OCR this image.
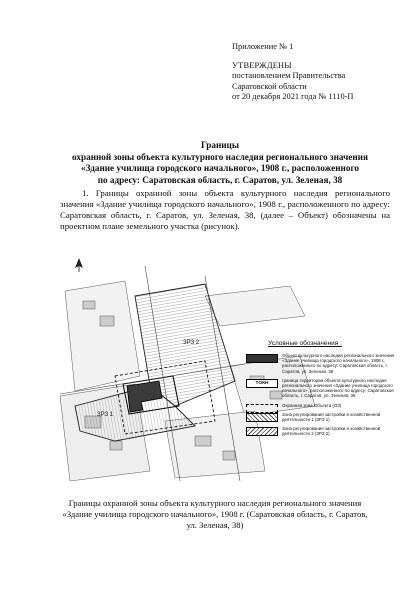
Приложение № 1
УТВЕРЖДЕНЫ
постановлением Правительства
Саратовской области
от 20 декабря 2021 года № 1110-П
Границы
охранной зоны объекта культурного наследия регионального значения
«Здание училища городского начального», 1908 г., расположенного
по адресу: Саратовская область, г. Саратов, ул. Зеленая, 38
1. Границы охранной зоны объекта культурного наследия регионального значения «Здание училища городского начального», 1908 г., расположенного по адресу: Саратовская область, г. Саратов, ул. Зеленая, 38, (далее – Объект) обозначены на проектном плане земельного участка (рисунок).
ЗРЗ 2
ЗРЗ 1
Условные обозначения :
Объект культурного наследия регионального значения «Здание училища городского начального», 1908 г., расположенного по адресу: Саратовская область, г. Саратов, ул. Зеленая, 38
ТОКН
граница территории объекта культурного наследия регионального значения «Здание училища городского начального», расположенного по адресу: Саратовская область, г. Саратов, ул. Зеленая, 38
Охранная зона Объекта (ОЗ)
Зона регулирования застройки и хозяйственной деятельности 1 (ЗРЗ 1)
Зона регулирования застройки и хозяйственной деятельности 2 (ЗРЗ 2)
Границы охранной зоны объекта культурного наследия регионального значения
«Здание училища городского начального», 1908 г. (Саратовская область, г. Саратов,
ул. Зеленая, 38)
